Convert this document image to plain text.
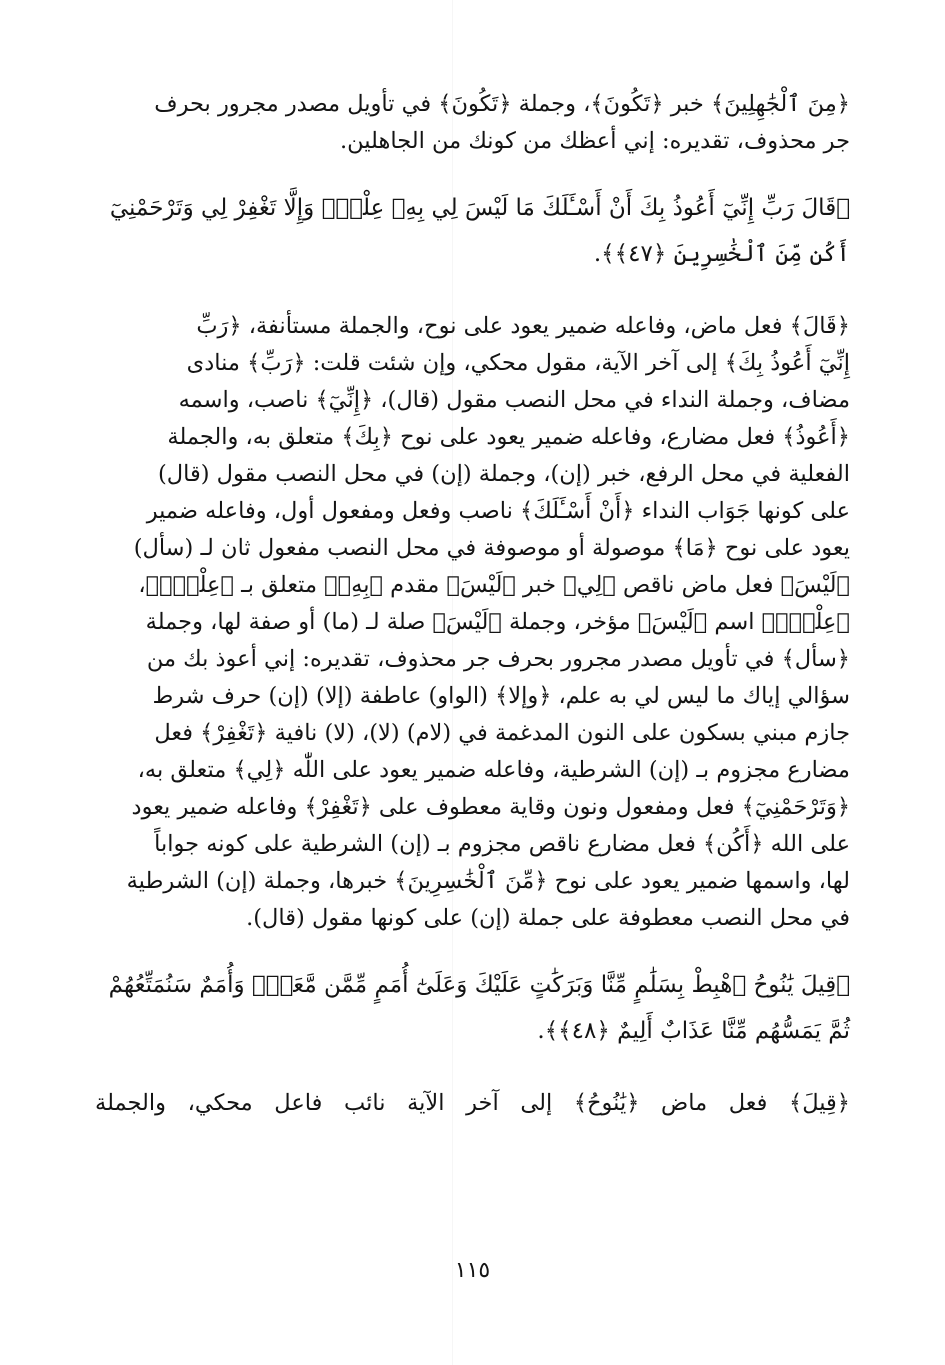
﴿مِنَ ٱلْجَٰهِلِينَ﴾ خبر ﴿تَكُونَ﴾، وجملة ﴿تَكُونَ﴾ في تأويل مصدر مجرور بحرف
جر محذوف، تقديره: إني أعظك من كونك من الجاهلين.

﴿قَالَ رَبِّ إِنِّيٓ أَعُوذُ بِكَ أَنْ أَسْـَٔلَكَ مَا لَيْسَ لِي بِهِۦ عِلْمٌۖ وَإِلَّا تَغْفِرْ لِي وَتَرْحَمْنِيٓ
أَكُن مِّنَ ٱلْخَٰسِرِينَ ﴿٤٧﴾﴾.

﴿قَالَ﴾ فعل ماض، وفاعله ضمير يعود على نوح، والجملة مستأنفة، ﴿رَبِّ
إِنِّيٓ أَعُوذُ بِكَ﴾ إلى آخر الآية، مقول محكي، وإن شئت قلت: ﴿رَبِّ﴾ منادى
مضاف، وجملة النداء في محل النصب مقول (قال)، ﴿إِنِّيٓ﴾ ناصب، واسمه
﴿أَعُوذُ﴾ فعل مضارع، وفاعله ضمير يعود على نوح ﴿بِكَ﴾ متعلق به، والجملة
الفعلية في محل الرفع، خبر (إن)، وجملة (إن) في محل النصب مقول (قال)
على كونها جَوَاب النداء ﴿أَنْ أَسْـَٔلَكَ﴾ ناصب وفعل ومفعول أول، وفاعله ضمير
يعود على نوح ﴿مَا﴾ موصولة أو موصوفة في محل النصب مفعول ثان لـ (سأل)
﴿لَيْسَ﴾ فعل ماض ناقص ﴿لِي﴾ خبر ﴿لَيْسَ﴾ مقدم ﴿بِهِۦ﴾ متعلق بـ ﴿عِلْمٌۖ﴾،
﴿عِلْمٌۖ﴾ اسم ﴿لَيْسَ﴾ مؤخر، وجملة ﴿لَيْسَ﴾ صلة لـ (ما) أو صفة لها، وجملة
﴿سأل﴾ في تأويل مصدر مجرور بحرف جر محذوف، تقديره: إني أعوذ بك من
سؤالي إياك ما ليس لي به علم، ﴿وإلا﴾ (الواو) عاطفة (إلا) (إن) حرف شرط
جازم مبني بسكون على النون المدغمة في (لام) (لا)، (لا) نافية ﴿تَغْفِرْ﴾ فعل
مضارع مجزوم بـ (إن) الشرطية، وفاعله ضمير يعود على اللّٰه ﴿لِي﴾ متعلق به،
﴿وَتَرْحَمْنِيٓ﴾ فعل ومفعول ونون وقاية معطوف على ﴿تَغْفِرْ﴾ وفاعله ضمير يعود
على الله ﴿أَكُن﴾ فعل مضارع ناقص مجزوم بـ (إن) الشرطية على كونه جواباً
لها، واسمها ضمير يعود على نوح ﴿مِّنَ ٱلْخَٰسِرِينَ﴾ خبرها، وجملة (إن) الشرطية
في محل النصب معطوفة على جملة (إن) على كونها مقول (قال).

﴿قِيلَ يَٰنُوحُ ٱهْبِطْ بِسَلَٰمٍ مِّنَّا وَبَرَكَٰتٍ عَلَيْكَ وَعَلَىٰٓ أُمَمٍ مِّمَّن مَّعَكَۚ وَأُمَمٌ سَنُمَتِّعُهُمْ
ثُمَّ يَمَسُّهُم مِّنَّا عَذَابٌ أَلِيمٌ ﴿٤٨﴾﴾.

﴿قِيلَ﴾ فعل ماض ﴿يَٰنُوحُ﴾ إلى آخر الآية نائب فاعل محكي، والجملة

١١٥
